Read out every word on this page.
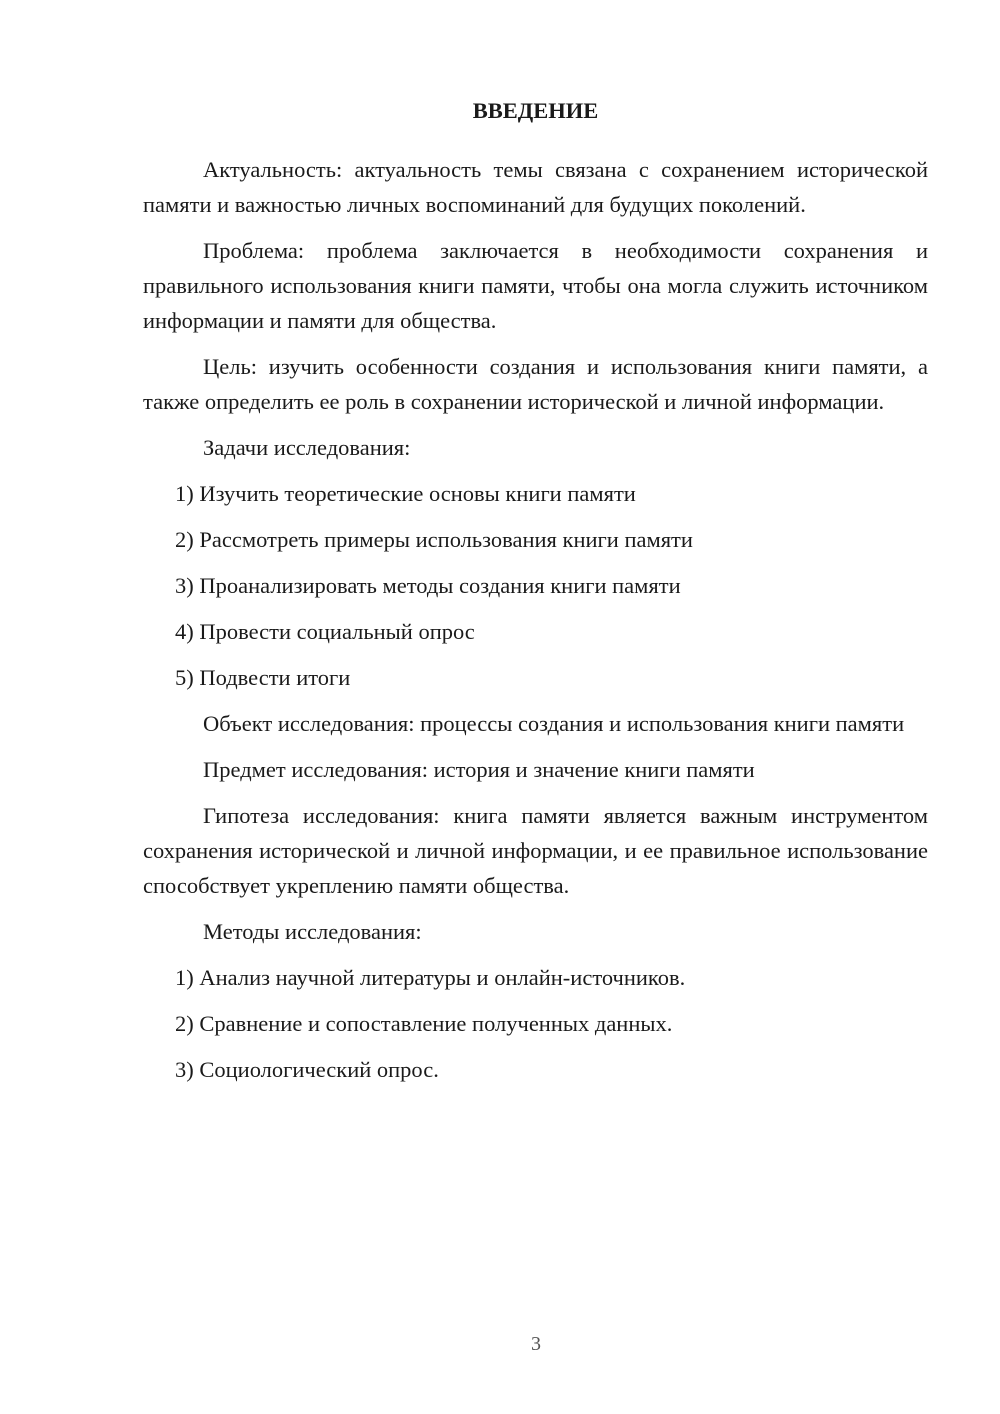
ВВЕДЕНИЕ

Актуальность: актуальность темы связана с сохранением исторической памяти и важностью личных воспоминаний для будущих поколений.

Проблема: проблема заключается в необходимости сохранения и правильного использования книги памяти, чтобы она могла служить источником информации и памяти для общества.

Цель: изучить особенности создания и использования книги памяти, а также определить ее роль в сохранении исторической и личной информации.

Задачи исследования:

1) Изучить теоретические основы книги памяти

2) Рассмотреть примеры использования книги памяти

3) Проанализировать методы создания книги памяти

4) Провести социальный опрос

5) Подвести итоги

Объект исследования: процессы создания и использования книги памяти

Предмет исследования: история и значение книги памяти

Гипотеза исследования: книга памяти является важным инструментом сохранения исторической и личной информации, и ее правильное использование способствует укреплению памяти общества.

Методы исследования:

1) Анализ научной литературы и онлайн-источников.

2) Сравнение и сопоставление полученных данных.

3) Социологический опрос.

3
